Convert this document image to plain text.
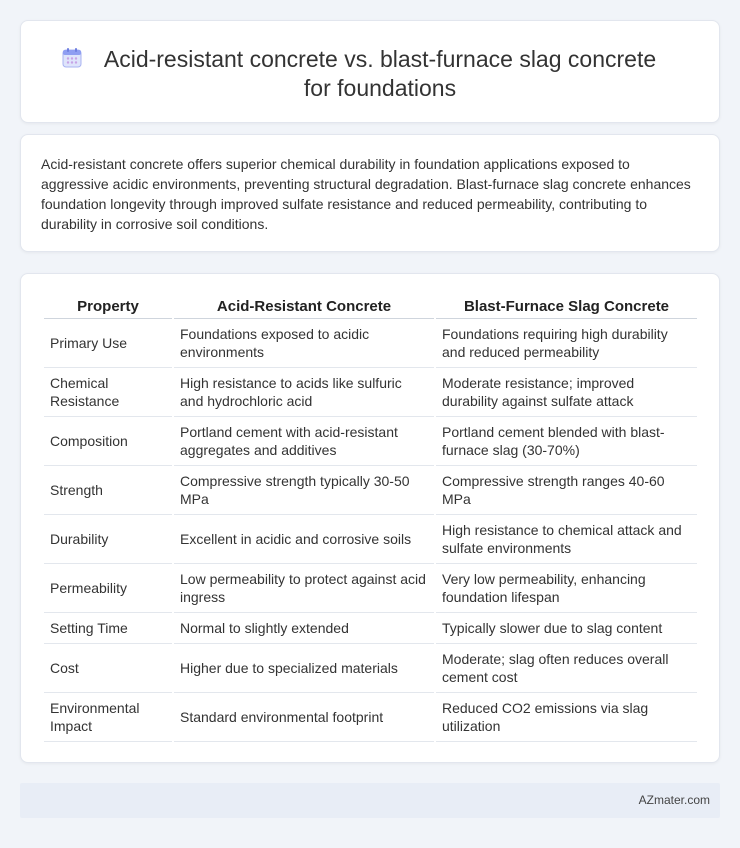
Acid-resistant concrete vs. blast-furnace slag concrete for foundations

Acid-resistant concrete offers superior chemical durability in foundation applications exposed to aggressive acidic environments, preventing structural degradation. Blast-furnace slag concrete enhances foundation longevity through improved sulfate resistance and reduced permeability, contributing to durability in corrosive soil conditions.

Property	Acid-Resistant Concrete	Blast-Furnace Slag Concrete
Primary Use	Foundations exposed to acidic environments	Foundations requiring high durability and reduced permeability
Chemical Resistance	High resistance to acids like sulfuric and hydrochloric acid	Moderate resistance; improved durability against sulfate attack
Composition	Portland cement with acid-resistant aggregates and additives	Portland cement blended with blast-furnace slag (30-70%)
Strength	Compressive strength typically 30-50 MPa	Compressive strength ranges 40-60 MPa
Durability	Excellent in acidic and corrosive soils	High resistance to chemical attack and sulfate environments
Permeability	Low permeability to protect against acid ingress	Very low permeability, enhancing foundation lifespan
Setting Time	Normal to slightly extended	Typically slower due to slag content
Cost	Higher due to specialized materials	Moderate; slag often reduces overall cement cost
Environmental Impact	Standard environmental footprint	Reduced CO2 emissions via slag utilization
AZmater.com
